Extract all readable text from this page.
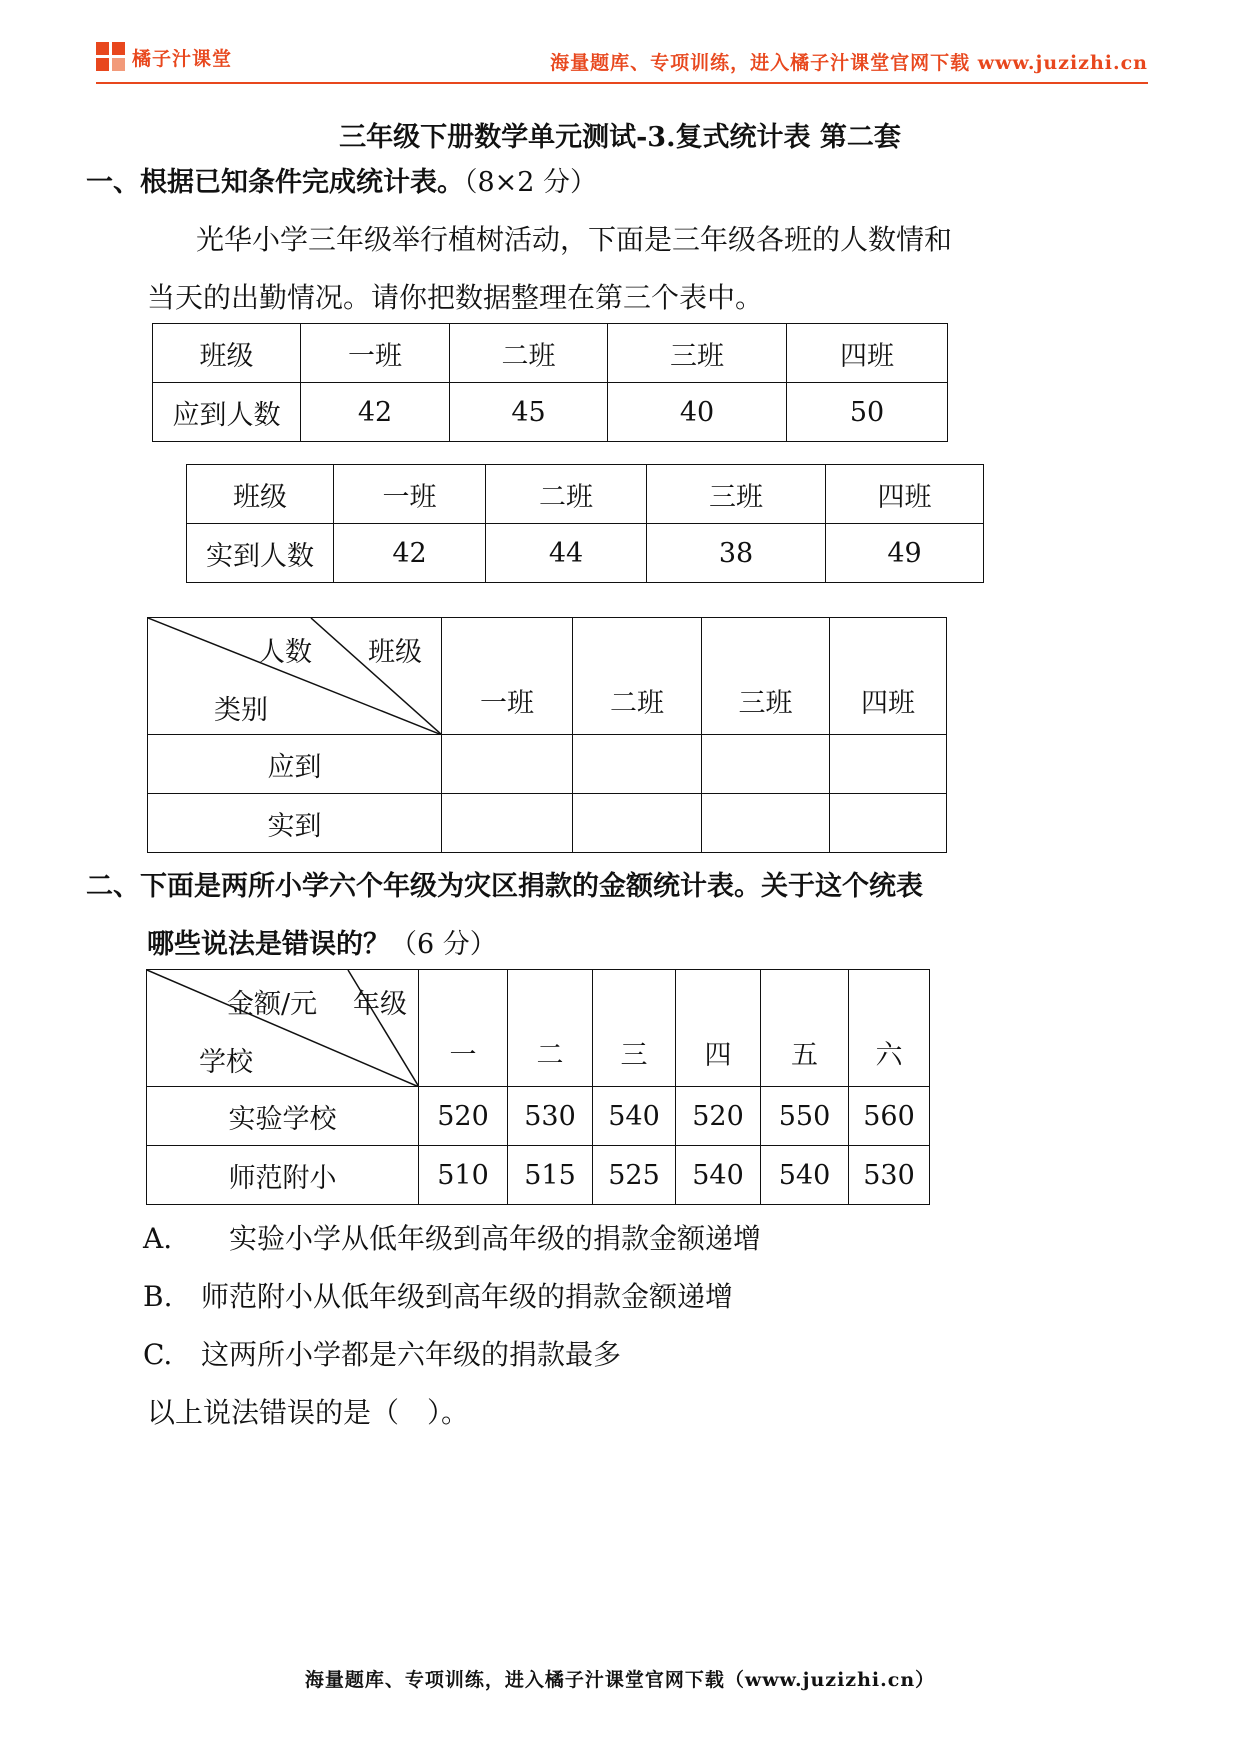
橘子汁课堂	海量题库、专项训练，进入橘子汁课堂官网下载 www.juzizhi.cn
三年级下册数学单元测试-3.复式统计表 第二套
一、根据已知条件完成统计表。（8×2 分）
光华小学三年级举行植树活动，下面是三年级各班的人数情和
当天的出勤情况。请你把数据整理在第三个表中。
班级	一班	二班	三班	四班
应到人数	42	45	40	50
班级	一班	二班	三班	四班
实到人数	42	44	38	49
人数 班级
类别	一班	二班	三班	四班
应到				
实到				
二、下面是两所小学六个年级为灾区捐款的金额统计表。关于这个统表
哪些说法是错误的？（6 分）
金额/元 年级
学校	一	二	三	四	五	六
实验学校	520	530	540	520	550	560
师范附小	510	515	525	540	540	530
A. 实验小学从低年级到高年级的捐款金额递增
B. 师范附小从低年级到高年级的捐款金额递增
C. 这两所小学都是六年级的捐款最多
以上说法错误的是（　）。
海量题库、专项训练，进入橘子汁课堂官网下载（www.juzizhi.cn）
